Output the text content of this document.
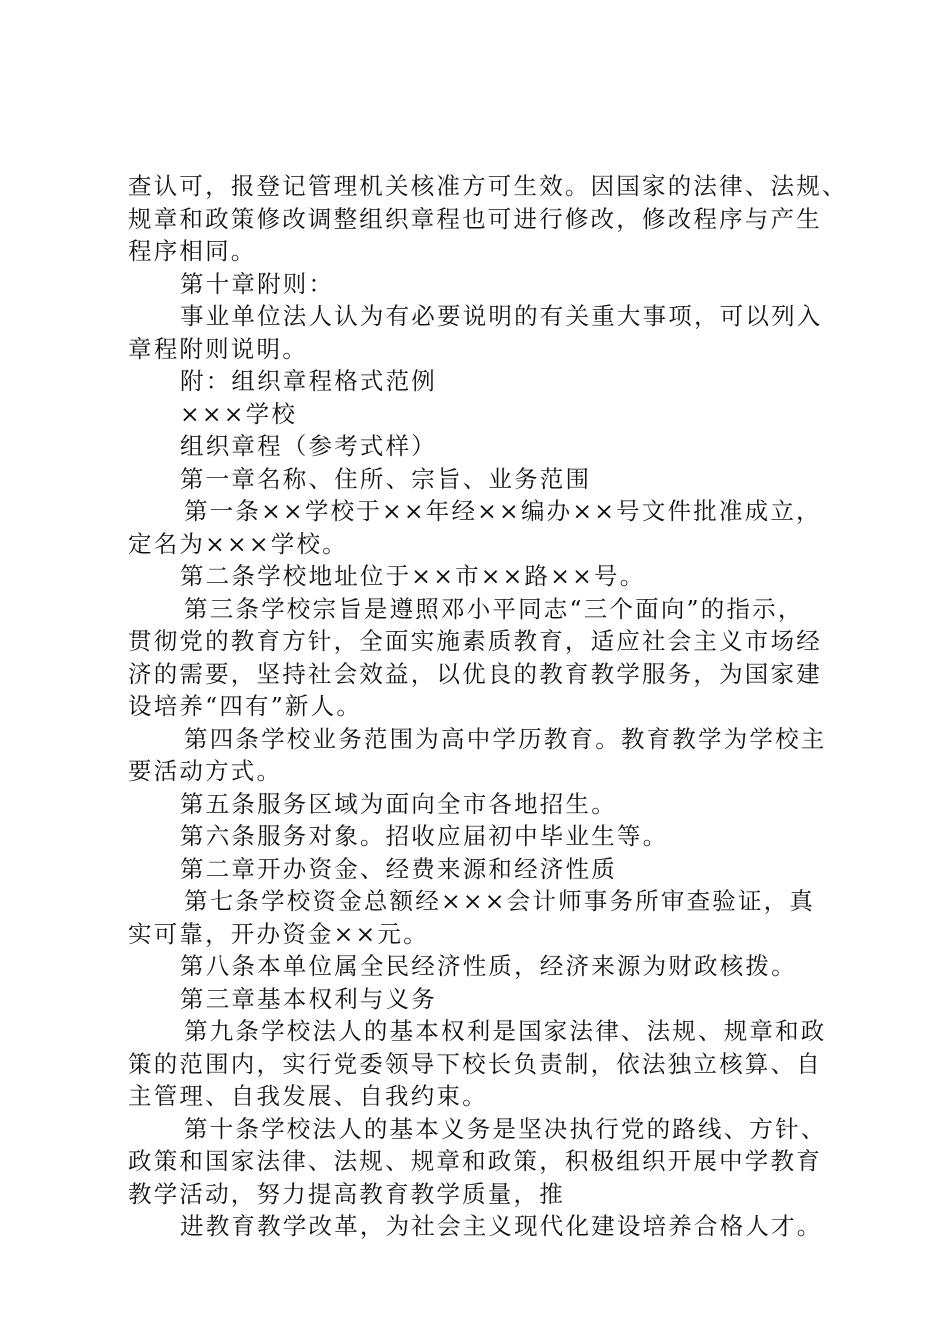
查认可，报登记管理机关核准方可生效。因国家的法律、法规、
规章和政策修改调整组织章程也可进行修改，修改程序与产生
程序相同。
第十章附则：
事业单位法人认为有必要说明的有关重大事项，可以列入
章程附则说明。
附：组织章程格式范例
×××学校
组织章程（参考式样）
第一章名称、住所、宗旨、业务范围
第一条××学校于××年经××编办××号文件批准成立，
定名为×××学校。
第二条学校地址位于××市××路××号。
第三条学校宗旨是遵照邓小平同志“三个面向”的指示，
贯彻党的教育方针，全面实施素质教育，适应社会主义市场经
济的需要，坚持社会效益，以优良的教育教学服务，为国家建
设培养“四有”新人。
第四条学校业务范围为高中学历教育。教育教学为学校主
要活动方式。
第五条服务区域为面向全市各地招生。
第六条服务对象。招收应届初中毕业生等。
第二章开办资金、经费来源和经济性质
第七条学校资金总额经×××会计师事务所审查验证，真
实可靠，开办资金××元。
第八条本单位属全民经济性质，经济来源为财政核拨。
第三章基本权利与义务
第九条学校法人的基本权利是国家法律、法规、规章和政
策的范围内，实行党委领导下校长负责制，依法独立核算、自
主管理、自我发展、自我约束。
第十条学校法人的基本义务是坚决执行党的路线、方针、
政策和国家法律、法规、规章和政策，积极组织开展中学教育
教学活动，努力提高教育教学质量，推
进教育教学改革，为社会主义现代化建设培养合格人才。
